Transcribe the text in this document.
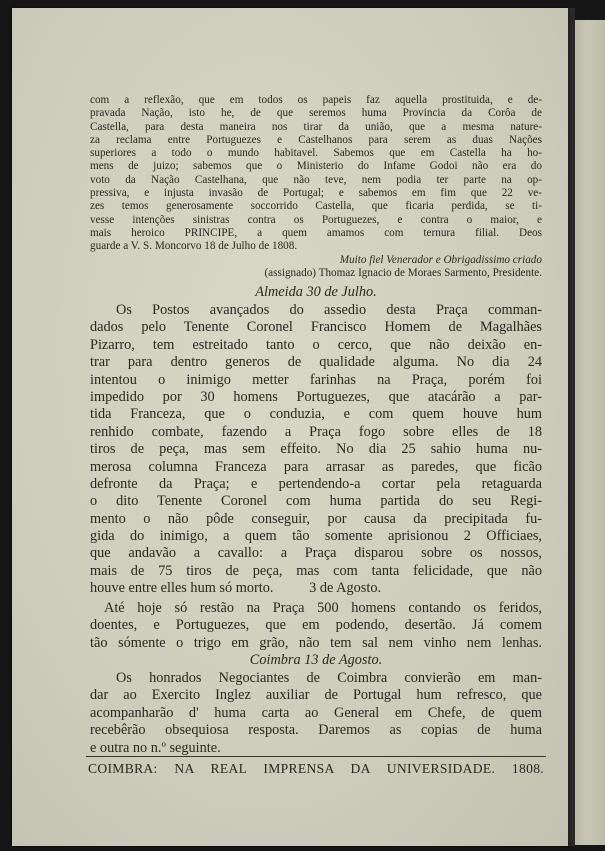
com a reflexão, que em todos os papeis faz aquella prostituida, e de-
pravada Nação, isto he, de que seremos huma Provincia da Corôa de
Castella, para desta maneira nos tirar da união, que a mesma nature-
za reclama entre Portuguezes e Castelhanos para serem as duas Nações
superiores a todo o mundo habitavel. Sabemos que em Castella ha ho-
mens de juizo; sabemos que o Ministerio do Infame Godoi não era do
voto da Nação Castelhana, que não teve, nem podia ter parte na op-
pressiva, e injusta invasão de Portugal; e sabemos em fim que 22 ve-
zes temos generosamente soccorrido Castella, que ficaria perdida, se ti-
vesse intenções sinistras contra os Portuguezes, e contra o maior, e
mais heroico PRINCIPE, a quem amamos com ternura filial. Deos
guarde a V. S. Moncorvo 18 de Julho de 1808.
Muito fiel Venerador e Obrigadissimo criado
(assignado) Thomaz Ignacio de Moraes Sarmento, Presidente.
Almeida 30 de Julho.
Os Postos avançados do assedio desta Praça comman-
dados pelo Tenente Coronel Francisco Homem de Magalhães
Pizarro, tem estreitado tanto o cerco, que não deixão en-
trar para dentro generos de qualidade alguma. No dia 24
intentou o inimigo metter farinhas na Praça, porém foi
impedido por 30 homens Portuguezes, que atacárão a par-
tida Franceza, que o conduzia, e com quem houve hum
renhido combate, fazendo a Praça fogo sobre elles de 18
tiros de peça, mas sem effeito. No dia 25 sahio huma nu-
merosa columna Franceza para arrasar as paredes, que ficão
defronte da Praça; e pertendendo-a cortar pela retaguarda
o dito Tenente Coronel com huma partida do seu Regi-
mento o não pôde conseguir, por causa da precipitada fu-
gida do inimigo, a quem tão somente aprisionou 2 Officiaes,
que andavão a cavallo: a Praça disparou sobre os nossos,
mais de 75 tiros de peça, mas com tanta felicidade, que não
houve entre elles hum só morto.          3 de Agosto.
Até hoje só restão na Praça 500 homens contando os feridos,
doentes, e Portuguezes, que em podendo, desertão. Já comem
tão sómente o trigo em grão, não tem sal nem vinho nem lenhas.
Coimbra 13 de Agosto.
Os honrados Negociantes de Coimbra convierão em man-
dar ao Exercito Inglez auxiliar de Portugal hum refresco, que
acompanharão d' huma carta ao General em Chefe, de quem
recebêrão obsequiosa resposta. Daremos as copias de huma
e outra no n.º seguinte.
COIMBRA: NA REAL IMPRENSA DA UNIVERSIDADE. 1808.
